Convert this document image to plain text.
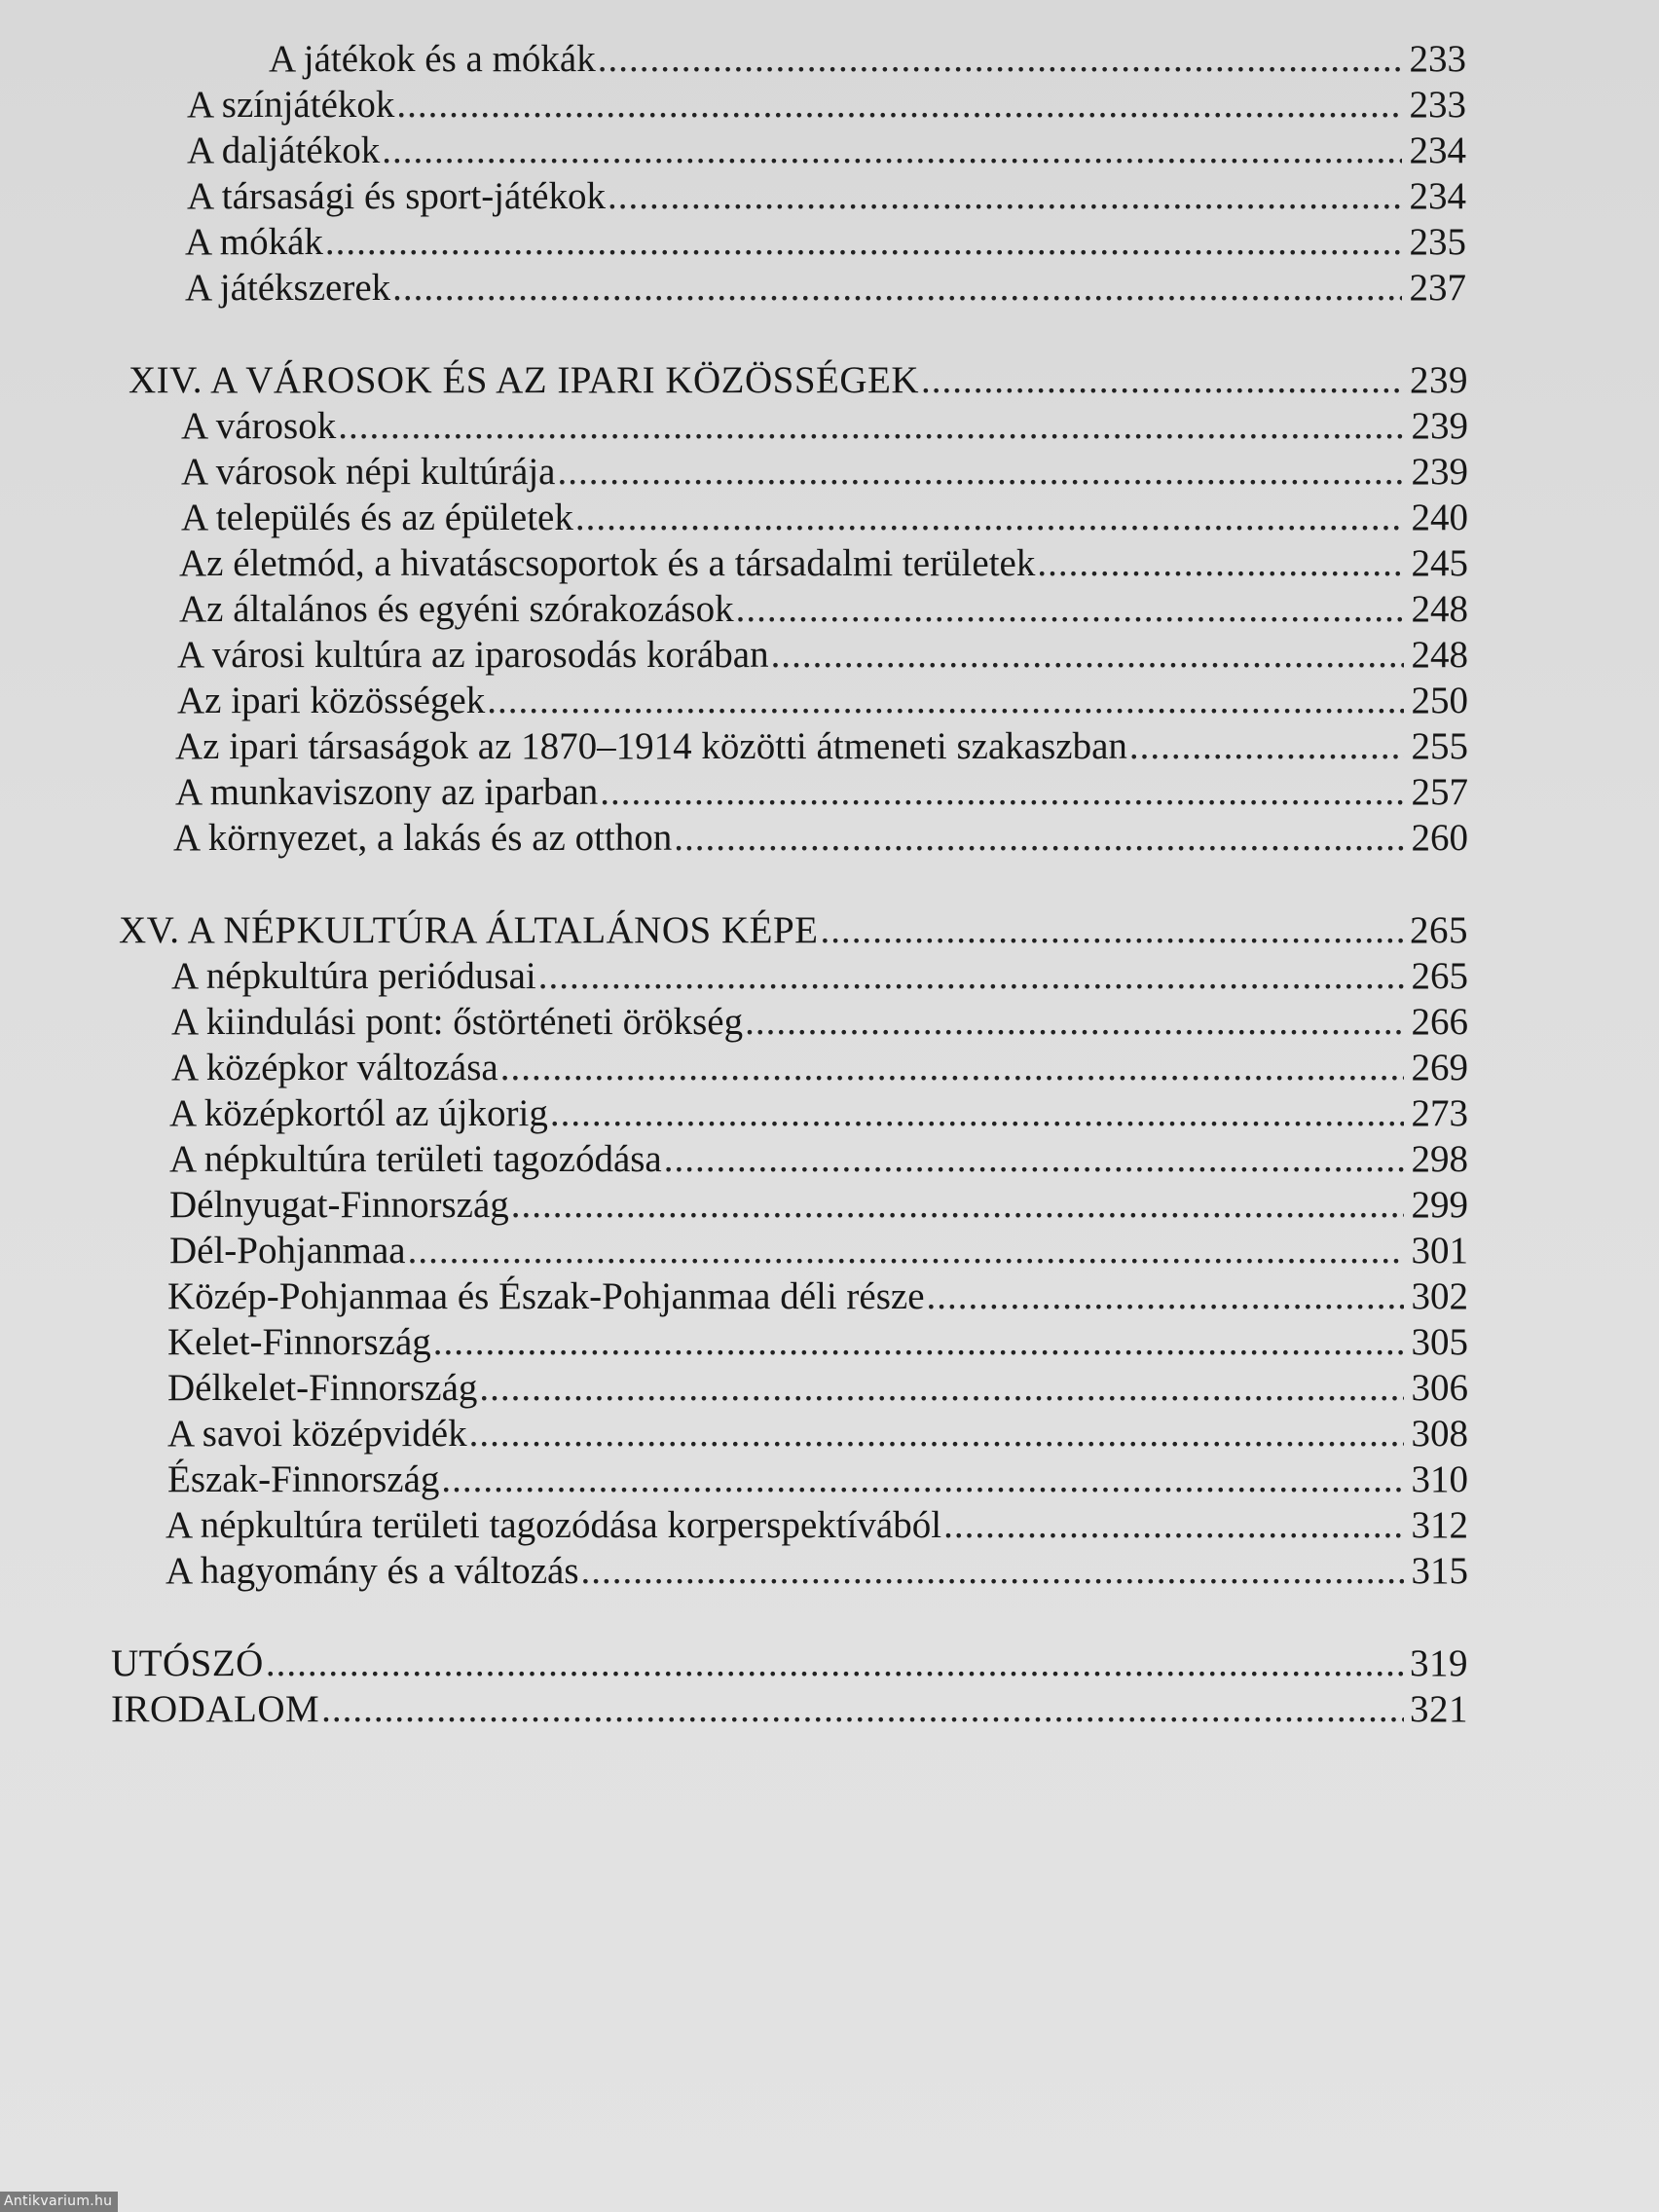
A játékok és a mókák .....	233
A színjátékok .....	233
A daljátékok .....	234
A társasági és sport-játékok .....	234
A mókák .....	235
A játékszerek .....	237
XIV. A VÁROSOK ÉS AZ IPARI KÖZÖSSÉGEK .....	239
A városok .....	239
A városok népi kultúrája .....	239
A település és az épületek .....	240
Az életmód, a hivatáscsoportok és a társadalmi területek .....	245
Az általános és egyéni szórakozások .....	248
A városi kultúra az iparosodás korában .....	248
Az ipari közösségek .....	250
Az ipari társaságok az 1870–1914 közötti átmeneti szakaszban .....	255
A munkaviszony az iparban .....	257
A környezet, a lakás és az otthon .....	260
XV. A NÉPKULTÚRA ÁLTALÁNOS KÉPE .....	265
A népkultúra periódusai .....	265
A kiindulási pont: őstörténeti örökség .....	266
A középkor változása .....	269
A középkortól az újkorig .....	273
A népkultúra területi tagozódása .....	298
Délnyugat-Finnország .....	299
Dél-Pohjanmaa .....	301
Közép-Pohjanmaa és Észak-Pohjanmaa déli része .....	302
Kelet-Finnország .....	305
Délkelet-Finnország .....	306
A savoi középvidék .....	308
Észak-Finnország .....	310
A népkultúra területi tagozódása korperspektívából .....	312
A hagyomány és a változás .....	315
UTÓSZÓ .....	319
IRODALOM .....	321
Antikvarium.hu
